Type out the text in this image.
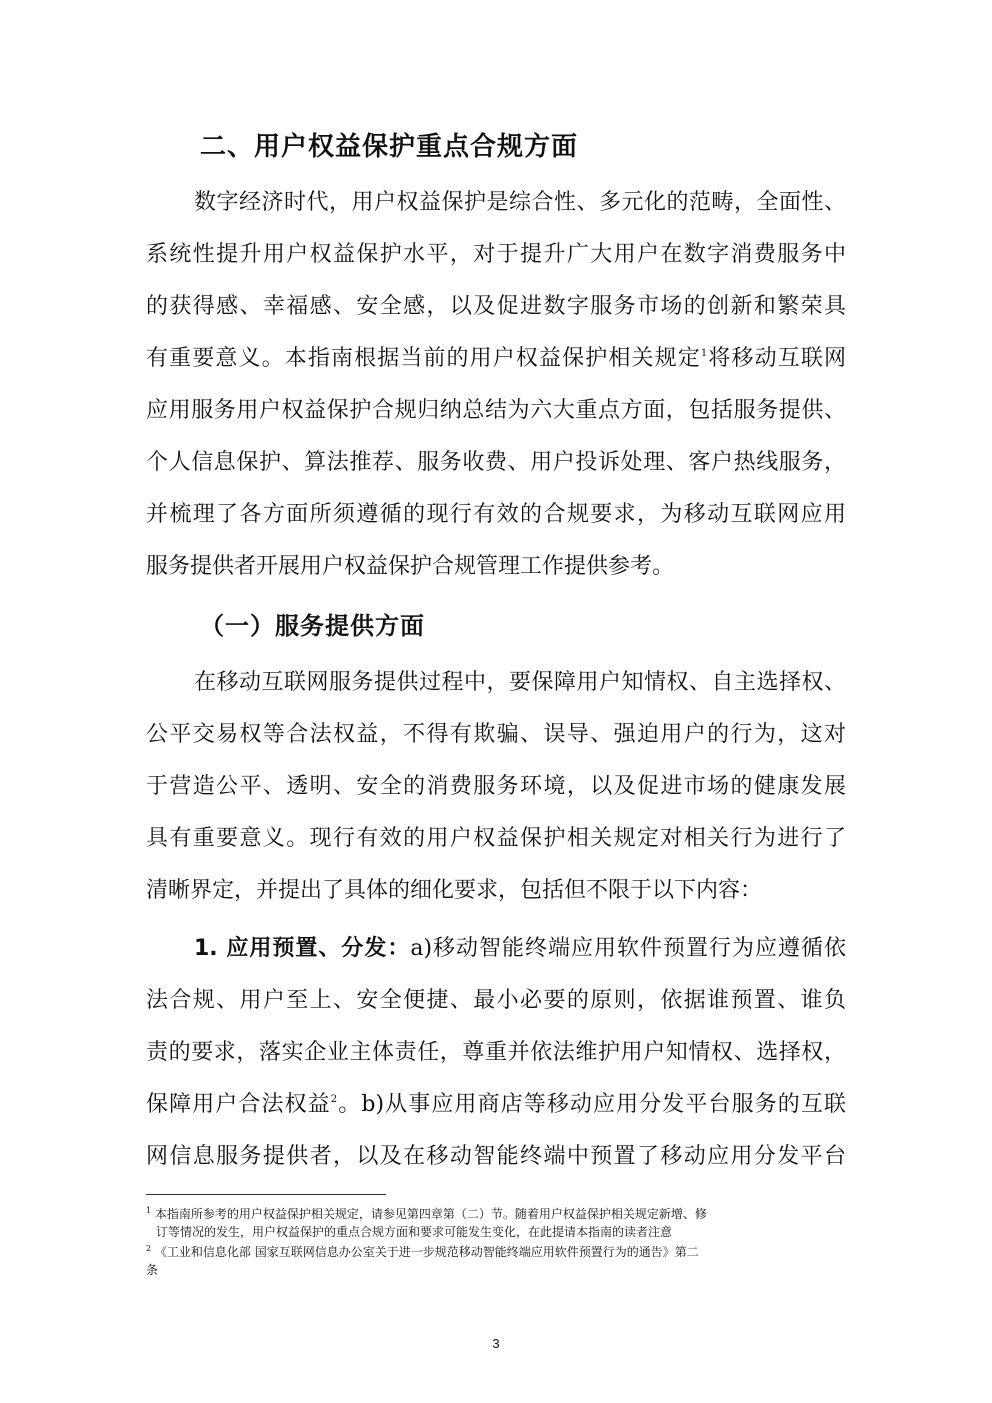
二、用户权益保护重点合规方面
数字经济时代，用户权益保护是综合性、多元化的范畴，全面性、
系统性提升用户权益保护水平，对于提升广大用户在数字消费服务中
的获得感、幸福感、安全感，以及促进数字服务市场的创新和繁荣具
有重要意义。本指南根据当前的用户权益保护相关规定$^1$将移动互联网
应用服务用户权益保护合规归纳总结为六大重点方面，包括服务提供、
个人信息保护、算法推荐、服务收费、用户投诉处理、客户热线服务，
并梳理了各方面所须遵循的现行有效的合规要求，为移动互联网应用
服务提供者开展用户权益保护合规管理工作提供参考。
（一）服务提供方面
在移动互联网服务提供过程中，要保障用户知情权、自主选择权、
公平交易权等合法权益，不得有欺骗、误导、强迫用户的行为，这对
于营造公平、透明、安全的消费服务环境，以及促进市场的健康发展
具有重要意义。现行有效的用户权益保护相关规定对相关行为进行了
清晰界定，并提出了具体的细化要求，包括但不限于以下内容：
1. 应用预置、分发：a)移动智能终端应用软件预置行为应遵循依
法合规、用户至上、安全便捷、最小必要的原则，依据谁预置、谁负
责的要求，落实企业主体责任，尊重并依法维护用户知情权、选择权，
保障用户合法权益$^2$。b)从事应用商店等移动应用分发平台服务的互联
网信息服务提供者，以及在移动智能终端中预置了移动应用分发平台
$^1$ 本指南所参考的用户权益保护相关规定，请参见第四章第（二）节。随着用户权益保护相关规定新增、修
订等情况的发生，用户权益保护的重点合规方面和要求可能发生变化，在此提请本指南的读者注意
$^2$ 《工业和信息化部 国家互联网信息办公室关于进一步规范移动智能终端应用软件预置行为的通告》第二
条
3
